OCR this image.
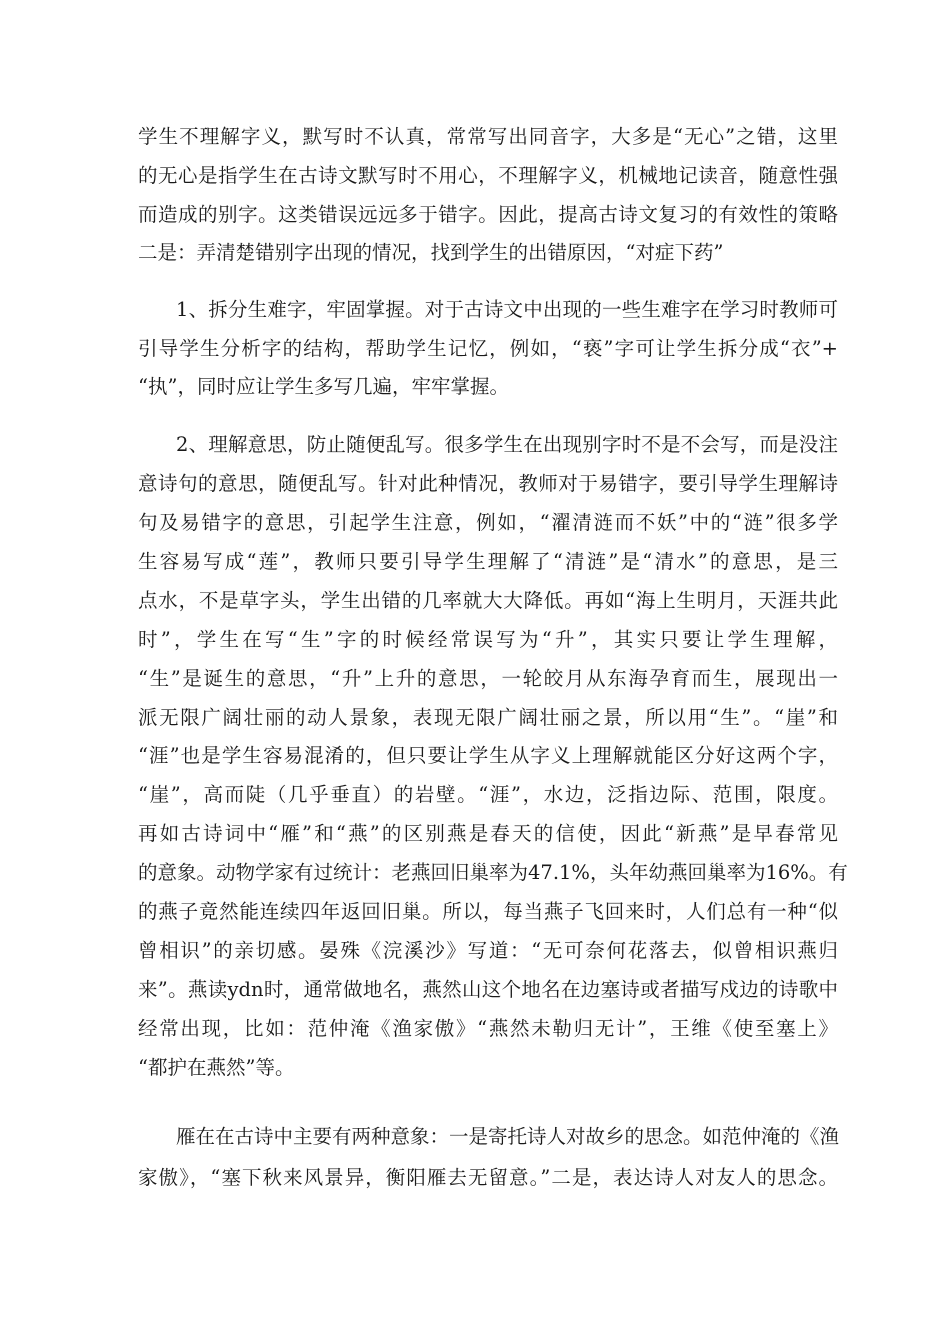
学生不理解字义，默写时不认真，常常写出同音字，大多是“无心”之错，这里
的无心是指学生在古诗文默写时不用心，不理解字义，机械地记读音，随意性强
而造成的别字。这类错误远远多于错字。因此，提高古诗文复习的有效性的策略
二是：弄清楚错别字出现的情况，找到学生的出错原因，“对症下药”
1、拆分生难字，牢固掌握。对于古诗文中出现的一些生难字在学习时教师可
引导学生分析字的结构，帮助学生记忆，例如，“亵”字可让学生拆分成“衣”+
“执”，同时应让学生多写几遍，牢牢掌握。
2、理解意思，防止随便乱写。很多学生在出现别字时不是不会写，而是没注
意诗句的意思，随便乱写。针对此种情况，教师对于易错字，要引导学生理解诗
句及易错字的意思，引起学生注意，例如，“濯清涟而不妖”中的“涟”很多学
生容易写成“莲”，教师只要引导学生理解了“清涟”是“清水”的意思，是三
点水，不是草字头，学生出错的几率就大大降低。再如“海上生明月，天涯共此
时”，学生在写“生”字的时候经常误写为“升”，其实只要让学生理解，
“生”是诞生的意思，“升”上升的意思，一轮皎月从东海孕育而生，展现出一
派无限广阔壮丽的动人景象，表现无限广阔壮丽之景，所以用“生”。“崖”和
“涯”也是学生容易混淆的，但只要让学生从字义上理解就能区分好这两个字，
“崖”，高而陡（几乎垂直）的岩壁。“涯”，水边，泛指边际、范围，限度。
再如古诗词中“雁”和“燕”的区别燕是春天的信使，因此“新燕”是早春常见
的意象。动物学家有过统计：老燕回旧巢率为47.1%，头年幼燕回巢率为16%。有
的燕子竟然能连续四年返回旧巢。所以，每当燕子飞回来时，人们总有一种“似
曾相识”的亲切感。晏殊《浣溪沙》写道：“无可奈何花落去，似曾相识燕归
来”。燕读ydn时，通常做地名，燕然山这个地名在边塞诗或者描写戍边的诗歌中
经常出现，比如：范仲淹《渔家傲》“燕然未勒归无计”，王维《使至塞上》
“都护在燕然”等。
雁在在古诗中主要有两种意象：一是寄托诗人对故乡的思念。如范仲淹的《渔
家傲》，“塞下秋来风景异，衡阳雁去无留意。”二是，表达诗人对友人的思念。
